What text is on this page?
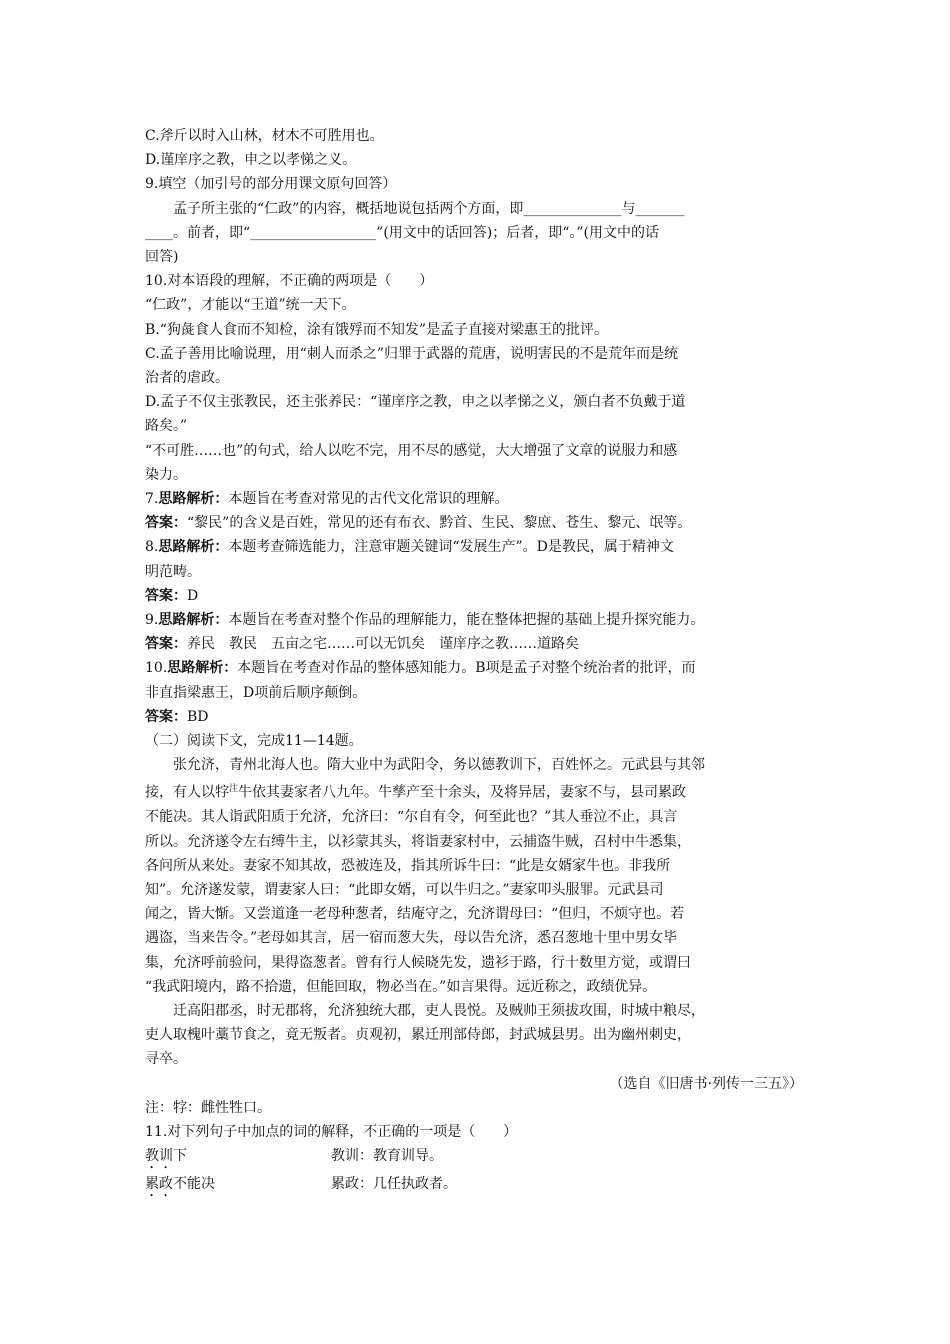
C.斧斤以时入山林，材木不可胜用也。
D.谨庠序之教，申之以孝悌之义。
9.填空（加引号的部分用课文原句回答）
孟子所主张的“仁政”的内容，概括地说包括两个方面，即______________与_______
____。前者，即“__________________”(用文中的话回答)；后者，即“。”(用文中的话
回答)
10.对本语段的理解，不正确的两项是（　　）
“仁政”，才能以“王道”统一天下。
B.“狗彘食人食而不知检，涂有饿殍而不知发”是孟子直接对梁惠王的批评。
C.孟子善用比喻说理，用“刺人而杀之”归罪于武器的荒唐，说明害民的不是荒年而是统
治者的虐政。
D.孟子不仅主张教民，还主张养民：“谨庠序之教，申之以孝悌之义，颁白者不负戴于道
路矣。”
“不可胜……也”的句式，给人以吃不完，用不尽的感觉，大大增强了文章的说服力和感
染力。
7.思路解析：本题旨在考查对常见的古代文化常识的理解。
答案：“黎民”的含义是百姓，常见的还有布衣、黔首、生民、黎庶、苍生、黎元、氓等。
8.思路解析：本题考查筛选能力，注意审题关键词“发展生产”。D是教民，属于精神文
明范畴。
答案：D
9.思路解析：本题旨在考查对整个作品的理解能力，能在整体把握的基础上提升探究能力。
答案：养民　教民　五亩之宅……可以无饥矣　谨庠序之教……道路矣
10.思路解析：本题旨在考查对作品的整体感知能力。B项是孟子对整个统治者的批评，而
非直指梁惠王，D项前后顺序颠倒。
答案：BD
（二）阅读下文，完成11—14题。
张允济，青州北海人也。隋大业中为武阳令，务以德教训下，百姓怀之。元武县与其邻
接，有人以牸$^注$牛依其妻家者八九年。牛孳产至十余头，及将异居，妻家不与，县司累政
不能决。其人诣武阳质于允济，允济曰：“尔自有令，何至此也？”其人垂泣不止，具言
所以。允济遂令左右缚牛主，以衫蒙其头，将诣妻家村中，云捕盗牛贼，召村中牛悉集，
各问所从来处。妻家不知其故，恐被连及，指其所诉牛曰：“此是女婿家牛也。非我所
知”。允济遂发蒙，谓妻家人曰：“此即女婿，可以牛归之。”妻家叩头服罪。元武县司
闻之，皆大惭。又尝道逢一老母种葱者，结庵守之，允济谓母曰：“但归，不烦守也。若
遇盗，当来告令。”老母如其言，居一宿而葱大失，母以告允济，悉召葱地十里中男女毕
集，允济呼前验问，果得盗葱者。曾有行人候晓先发，遗衫于路，行十数里方觉，或谓曰
“我武阳境内，路不拾遗，但能回取，物必当在。”如言果得。远近称之，政绩优异。
迁高阳郡丞，时无郡将，允济独统大郡，吏人畏悦。及贼帅王须拔攻围，时城中粮尽，
吏人取槐叶藁节食之，竟无叛者。贞观初，累迁刑部侍郎，封武城县男。出为幽州刺史，
寻卒。
（选自《旧唐书·列传一三五》）
注：牸：雌性牲口。
11.对下列句子中加点的词的解释，不正确的一项是（　　）
教训下	教训：教育训导。
累政不能决	累政：几任执政者。
